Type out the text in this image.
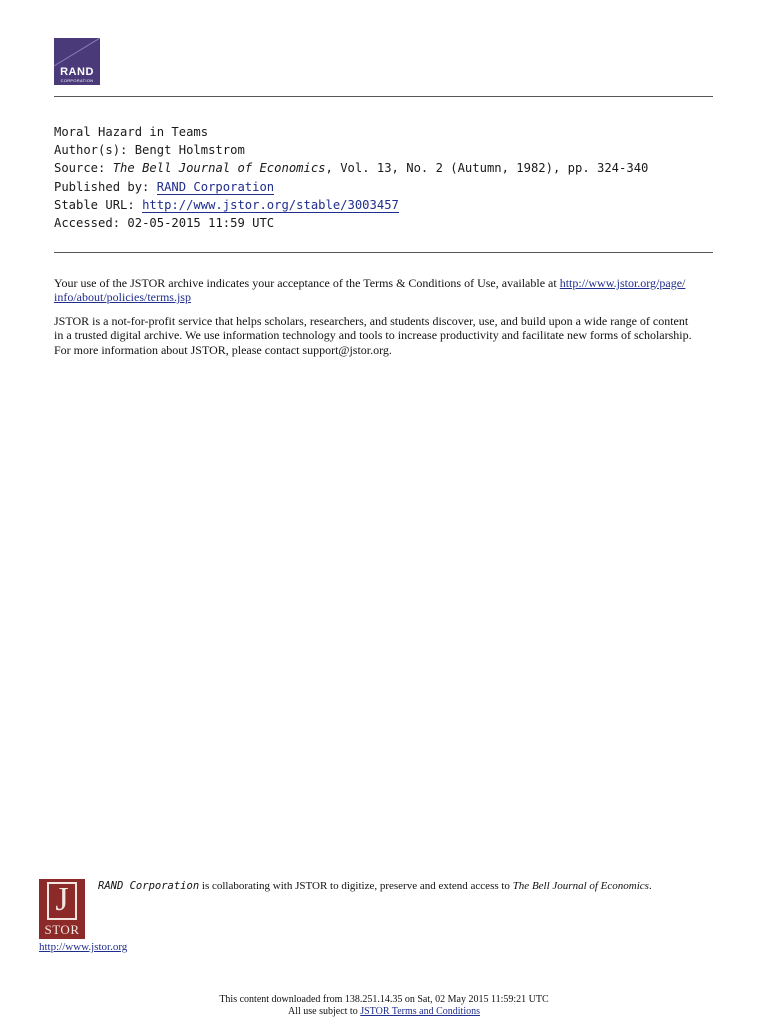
RAND
CORPORATION
Moral Hazard in Teams
Author(s): Bengt Holmstrom
Source: The Bell Journal of Economics, Vol. 13, No. 2 (Autumn, 1982), pp. 324-340
Published by: RAND Corporation
Stable URL: http://www.jstor.org/stable/3003457
Accessed: 02-05-2015 11:59 UTC

Your use of the JSTOR archive indicates your acceptance of the Terms & Conditions of Use, available at http://www.jstor.org/page/
info/about/policies/terms.jsp

JSTOR is a not-for-profit service that helps scholars, researchers, and students discover, use, and build upon a wide range of content
in a trusted digital archive. We use information technology and tools to increase productivity and facilitate new forms of scholarship.
For more information about JSTOR, please contact support@jstor.org.

J
STOR
RAND Corporation is collaborating with JSTOR to digitize, preserve and extend access to The Bell Journal of Economics.
http://www.jstor.org
This content downloaded from 138.251.14.35 on Sat, 02 May 2015 11:59:21 UTC
All use subject to JSTOR Terms and Conditions
